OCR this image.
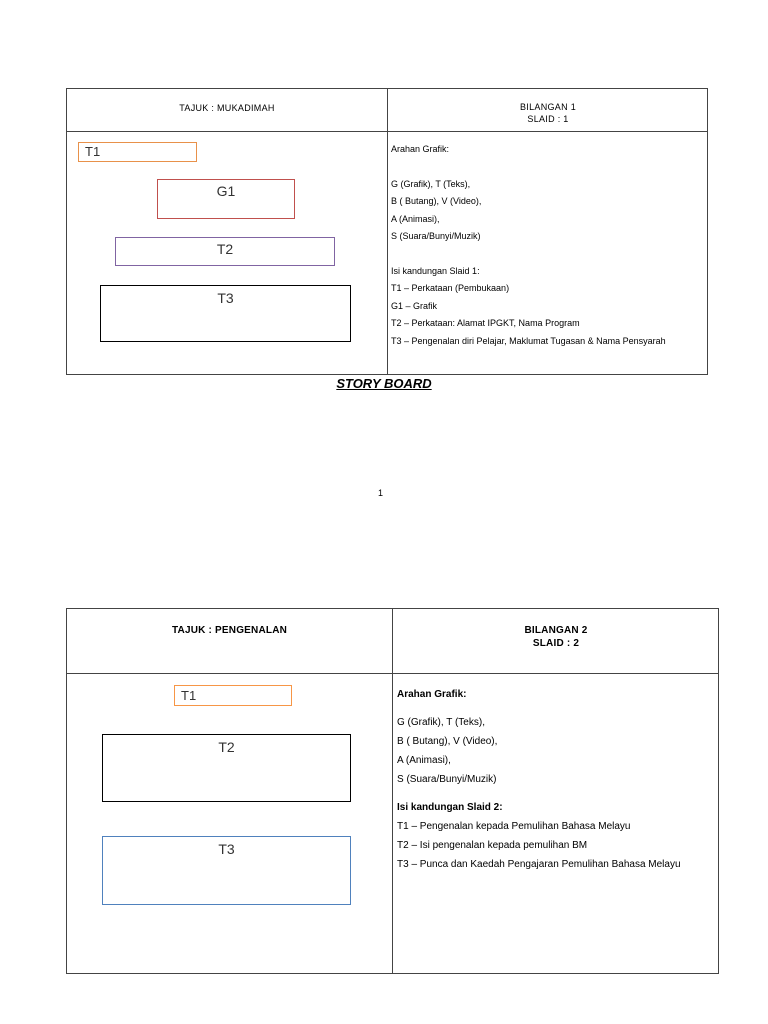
TAJUK : MUKADIMAH	BILANGAN 1
SLAID : 1
T1
G1
T2
T3

Arahan Grafik:

G (Grafik), T (Teks),

B ( Butang), V (Video),

A (Animasi),

S (Suara/Bunyi/Muzik)

Isi kandungan Slaid 1:

T1 – Perkataan (Pembukaan)

G1 – Grafik

T2 – Perkataan: Alamat IPGKT, Nama Program

T3 – Pengenalan diri Pelajar, Maklumat Tugasan & Nama Pensyarah

STORY BOARD
1
TAJUK : PENGENALAN	BILANGAN 2
SLAID : 2
T1
T2
T3

Arahan Grafik:

G (Grafik), T (Teks),

B ( Butang), V (Video),

A (Animasi),

S (Suara/Bunyi/Muzik)

Isi kandungan Slaid 2:

T1 – Pengenalan kepada Pemulihan Bahasa Melayu

T2 – Isi pengenalan kepada pemulihan BM

T3 – Punca dan Kaedah Pengajaran Pemulihan Bahasa Melayu
